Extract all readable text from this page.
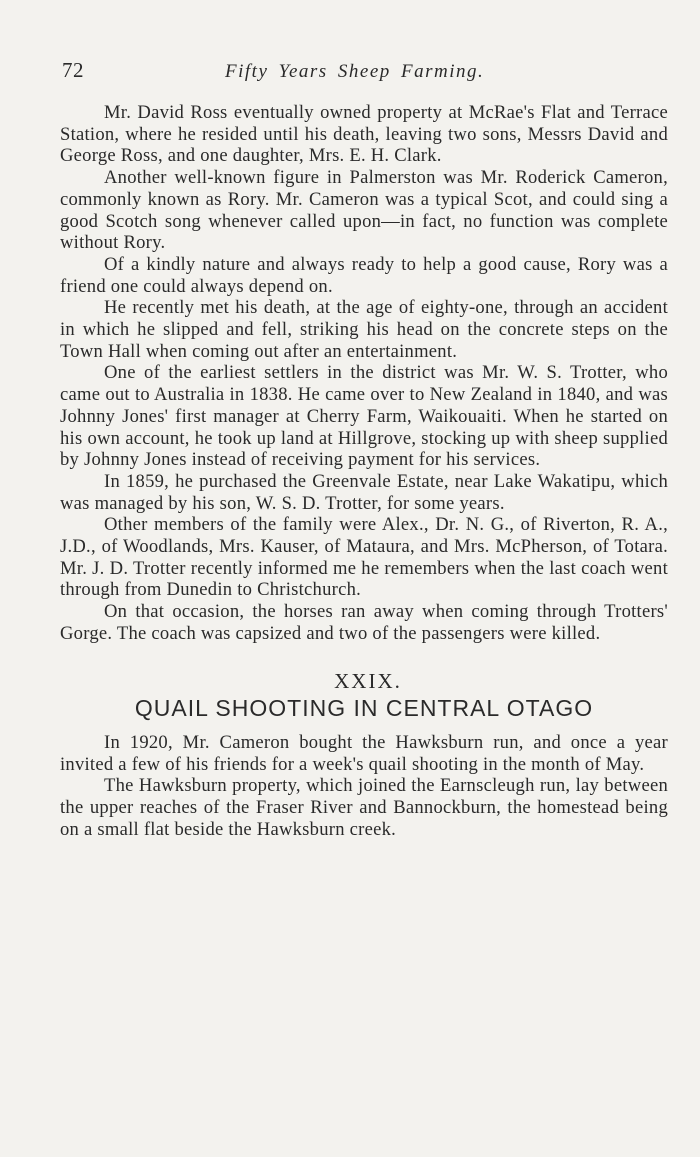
72	Fifty Years Sheep Farming.

Mr. David Ross eventually owned property at McRae's Flat and Terrace Station, where he resided until his death, leaving two sons, Messrs David and George Ross, and one daughter, Mrs. E. H. Clark.

Another well-known figure in Palmerston was Mr. Roderick Cameron, commonly known as Rory. Mr. Cameron was a typical Scot, and could sing a good Scotch song whenever called upon—in fact, no function was complete without Rory.

Of a kindly nature and always ready to help a good cause, Rory was a friend one could always depend on.

He recently met his death, at the age of eighty-one, through an accident in which he slipped and fell, striking his head on the concrete steps on the Town Hall when coming out after an entertainment.

One of the earliest settlers in the district was Mr. W. S. Trotter, who came out to Australia in 1838. He came over to New Zealand in 1840, and was Johnny Jones' first manager at Cherry Farm, Waikouaiti. When he started on his own account, he took up land at Hillgrove, stocking up with sheep supplied by Johnny Jones instead of receiving payment for his services.

In 1859, he purchased the Greenvale Estate, near Lake Wakatipu, which was managed by his son, W. S. D. Trotter, for some years.

Other members of the family were Alex., Dr. N. G., of Riverton, R. A., J.D., of Woodlands, Mrs. Kauser, of Mataura, and Mrs. McPherson, of Totara. Mr. J. D. Trotter recently informed me he remembers when the last coach went through from Dunedin to Christchurch.

On that occasion, the horses ran away when coming through Trotters' Gorge. The coach was capsized and two of the passengers were killed.

XXIX.
QUAIL SHOOTING IN CENTRAL OTAGO

In 1920, Mr. Cameron bought the Hawksburn run, and once a year invited a few of his friends for a week's quail shooting in the month of May.

The Hawksburn property, which joined the Earnscleugh run, lay between the upper reaches of the Fraser River and Bannockburn, the homestead being on a small flat beside the Hawksburn creek.
